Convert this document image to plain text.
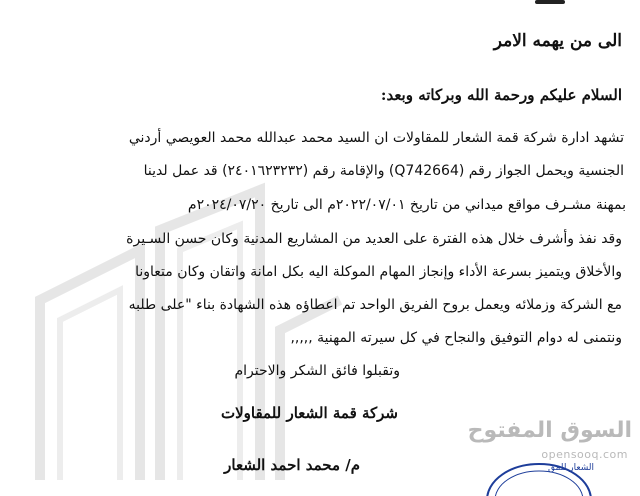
الى من يهمه الامر
السلام عليكم ورحمة الله وبركاته وبعد:
تشهد ادارة شركة قمة الشعار للمقاولات ان السيد محمد عبدالله محمد العويصي أردني
الجنسية ويحمل الجواز رقم (Q742664) والإقامة رقم (٢٤٠١٦٢٣٢٣٢) قد عمل لدينا
بمهنة مشـرف مواقع ميداني من تاريخ ٢٠٢٢/٠٧/٠١م الى تاريخ ٢٠٢٤/٠٧/٢٠م
وقد نفذ وأشرف خلال هذه الفترة على العديد من المشاريع المدنية وكان حسن السـيرة
والأخلاق ويتميز بسرعة الأداء وإنجاز المهام الموكلة اليه بكل امانة واتقان وكان متعاونا
مع الشركة وزملائه ويعمل بروح الفريق الواحد تم اعطاؤه هذه الشهادة بناء "على طلبه
ونتمنى له دوام التوفيق والنجاح في كل سيرته المهنية ,,,,,
وتقبلوا فائق الشكر والاحترام
شركة قمة الشعار للمقاولات
م/ محمد احمد الشعار
السوق المفتوح
opensooq.com
الشعار للمق
